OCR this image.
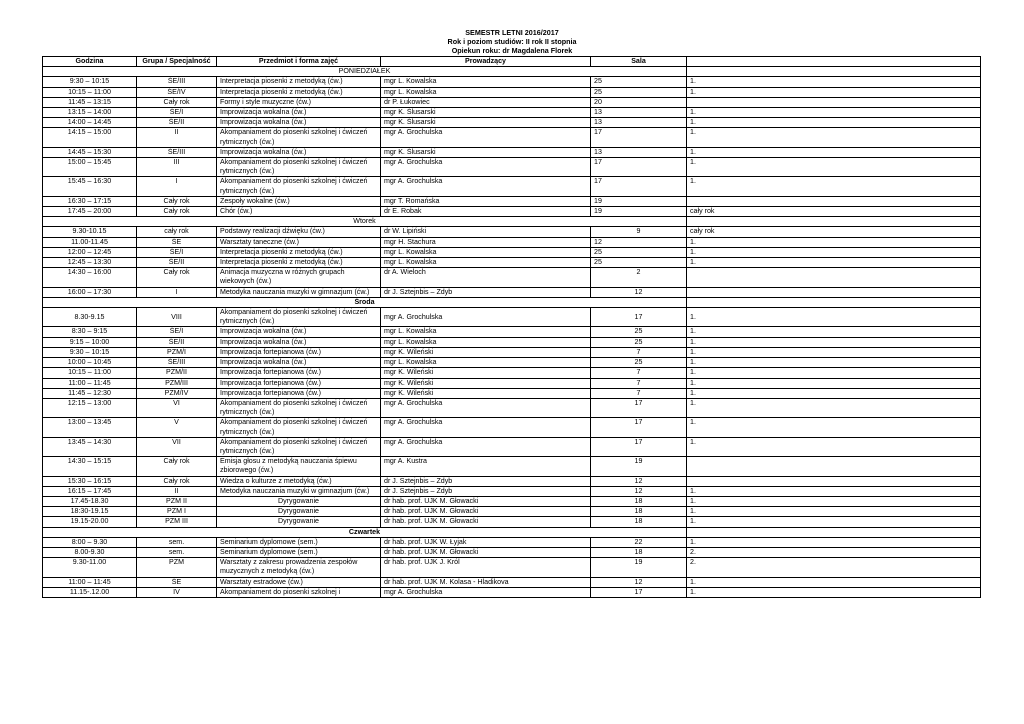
SEMESTR LETNI 2016/2017
Rok i poziom studiów: II rok II stopnia
Opiekun roku: dr Magdalena Florek
Godzina	Grupa / Specjalność	Przedmiot i forma zajęć	Prowadzący	Sala	
PONIEDZIAŁEK					
9:30 – 10:15	ŚE/III	Interpretacja piosenki z metodyką (ćw.)	mgr L. Kowalska	25	1.
10:15 – 11:00	ŚE/IV	Interpretacja piosenki z metodyką (ćw.)	mgr L. Kowalska	25	1.
11:45 – 13:15	Cały rok	Formy i style muzyczne (ćw.)	dr P. Łukowiec	20	
13:15 – 14:00	ŚE/I	Improwizacja wokalna (ćw.)	mgr K. Ślusarski	13	1.
14:00 – 14:45	ŚE/II	Improwizacja wokalna (ćw.)	mgr K. Ślusarski	13	1.
14:15 – 15:00	II	Akompaniament do piosenki szkolnej i ćwiczeń rytmicznych (ćw.)	mgr A. Grochulska	17	1.
14:45 – 15:30	ŚE/III	Improwizacja wokalna (ćw.)	mgr K. Ślusarski	13	1.
15:00 – 15:45	III	Akompaniament do piosenki szkolnej i ćwiczeń rytmicznych (ćw.)	mgr A. Grochulska	17	1.
15:45 – 16:30	I	Akompaniament do piosenki szkolnej i ćwiczeń rytmicznych (ćw.)	mgr A. Grochulska	17	1.
16:30 – 17:15	Cały rok	Zespoły wokalne (ćw.)	mgr T. Romańska	19	
17:45 – 20:00	Cały rok	Chór (ćw.)	dr E. Robak	19	cały rok
Wtorek					
9.30-10.15	cały rok	Podstawy realizacji dźwięku (ćw.)	dr W. Lipiński	9	cały rok
11.00-11.45	ŚE	Warsztaty taneczne (ćw.)	mgr H. Stachura	12	1.
12:00 – 12:45	ŚE/I	Interpretacja piosenki z metodyką (ćw.)	mgr L. Kowalska	25	1.
12:45 – 13:30	ŚE/II	Interpretacja piosenki z metodyką (ćw.)	mgr L. Kowalska	25	1.
14:30 – 16:00	Cały rok	Animacja muzyczna w różnych grupach wiekowych (ćw.)	dr A. Wieloch	2	
16:00 – 17:30	I	Metodyka nauczania muzyki w gimnazjum (ćw.)	dr J. Sztejnbis – Zdyb	12	
Środa					
8.30-9.15	VIII	Akompaniament do piosenki szkolnej i ćwiczeń rytmicznych (ćw.)	mgr A. Grochulska	17	1.
8:30 – 9:15	ŚE/I	Improwizacja wokalna (ćw.)	mgr L. Kowalska	25	1.
9:15 – 10:00	ŚE/II	Improwizacja wokalna (ćw.)	mgr L. Kowalska	25	1.
9:30 – 10:15	PZM/I	Improwizacja fortepianowa (ćw.)	mgr K. Wileński	7	1.
10:00 – 10:45	ŚE/III	Improwizacja wokalna (ćw.)	mgr L. Kowalska	25	1.
10:15 – 11:00	PZM/II	Improwizacja fortepianowa (ćw.)	mgr K. Wileński	7	1.
11:00 – 11:45	PZM/III	Improwizacja fortepianowa (ćw.)	mgr K. Wileński	7	1.
11:45 – 12:30	PZM/IV	Improwizacja fortepianowa (ćw.)	mgr K. Wileński	7	1.
12:15 – 13:00	VI	Akompaniament do piosenki szkolnej i ćwiczeń rytmicznych (ćw.)	mgr A. Grochulska	17	1.
13:00 – 13:45	V	Akompaniament do piosenki szkolnej i ćwiczeń rytmicznych (ćw.)	mgr A. Grochulska	17	1.
13:45 – 14:30	VII	Akompaniament do piosenki szkolnej i ćwiczeń rytmicznych (ćw.)	mgr A. Grochulska	17	1.
14:30 – 15:15	Cały rok	Emisja głosu z metodyką nauczania śpiewu zbiorowego (ćw.)	mgr A. Kustra	19	
15:30 – 16:15	Cały rok	Wiedza o kulturze z metodyką (ćw.)	dr J. Sztejnbis – Zdyb	12	
16:15 – 17:45	II	Metodyka nauczania muzyki w gimnazjum (ćw.)	dr J. Sztejnbis – Zdyb	12	1.
17.45-18.30	PZM II	Dyrygowanie	dr hab. prof. UJK M. Głowacki	18	1.
18:30-19.15	PZM I	Dyrygowanie	dr hab. prof. UJK M. Głowacki	18	1.
19.15-20.00	PZM III	Dyrygowanie	dr hab. prof. UJK M. Głowacki	18	1.
Czwartek					
8:00 – 9.30	sem.	Seminarium dyplomowe (sem.)	dr hab. prof. UJK W. Łyjak	22	1.
8.00-9.30	sem.	Seminarium dyplomowe (sem.)	dr hab. prof. UJK M. Głowacki	18	2.
9.30-11.00	PZM	Warsztaty z zakresu prowadzenia zespołów muzycznych z metodyką (ćw.)	dr hab. prof. UJK J. Król	19	2.
11:00 – 11:45	ŚE	Warsztaty estradowe (ćw.)	dr hab. prof. UJK M. Kolasa - Hladikova	12	1.
11.15-.12.00	IV	Akompaniament do piosenki szkolnej i	mgr A. Grochulska	17	1.
